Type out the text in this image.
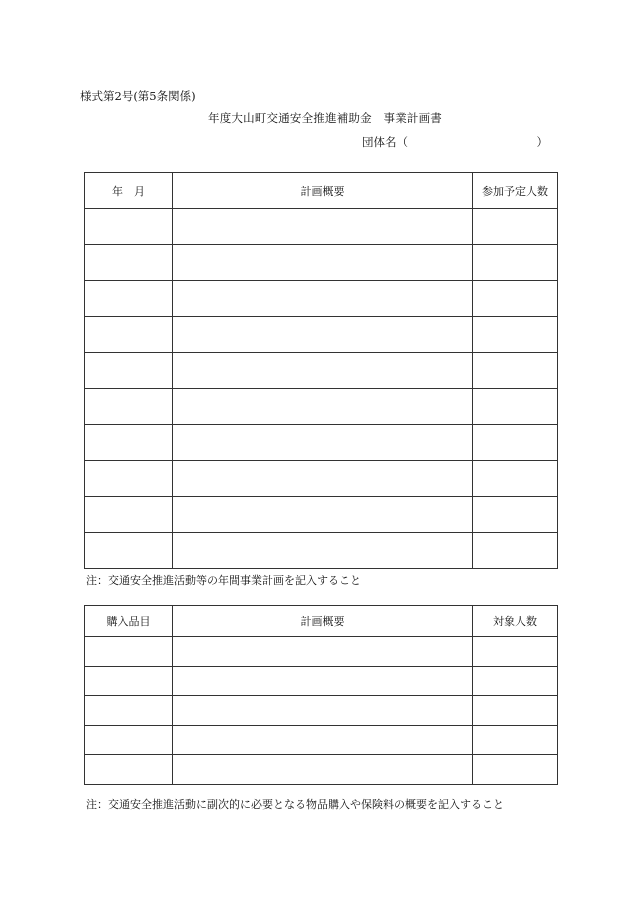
様式第2号(第5条関係)
年度大山町交通安全推進補助金　事業計画書
団体名（	）
年　月	計画概要	参加予定人数

注：交通安全推進活動等の年間事業計画を記入すること
購入品目	計画概要	対象人数

注：交通安全推進活動に副次的に必要となる物品購入や保険料の概要を記入すること
